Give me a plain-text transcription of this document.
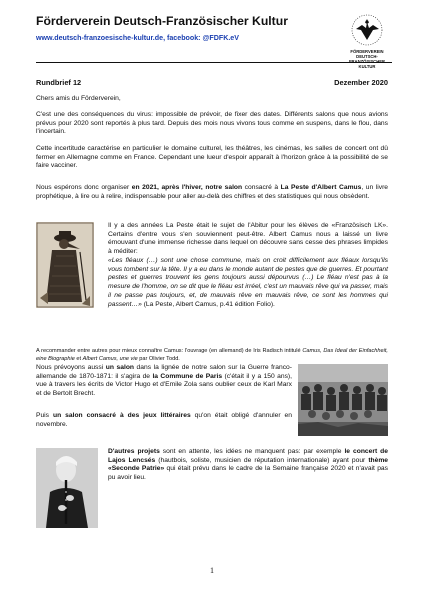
Förderverein Deutsch-Französischer Kultur
www.deutsch-franzoesische-kultur.de, facebook: @FDFK.eV
FÖRDERVEREIN DEUTSCH-FRANZÖSISCHER KULTUR
Rundbrief 12	Dezember 2020

Chers amis du Förderverein,

C'est une des conséquences du virus: impossible de prévoir, de fixer des dates. Différents salons que nous avions prévus pour 2020 sont reportés à plus tard. Depuis des mois nous vivons tous comme en suspens, dans le flou, dans l'incertain.

Cette incertitude caractérise en particulier le domaine culturel, les théâtres, les cinémas, les salles de concert ont dû fermer en Allemagne comme en France. Cependant une lueur d'espoir apparaît à l'horizon grâce à la possibilité de se faire vacciner.

Nous espérons donc organiser en 2021, après l'hiver, notre salon consacré à La Peste d'Albert Camus, un livre prophétique, à lire ou à relire, indispensable pour aller au-delà des chiffres et des statistiques qui nous obsèdent.

Il y a des années La Peste était le sujet de l'Abitur pour les élèves de «Französisch LK». Certains d'entre vous s'en souviennent peut-être. Albert Camus nous a laissé un livre émouvant d'une immense richesse dans lequel on découvre sans cesse des phrases limpides à méditer:

«Les fléaux (…) sont une chose commune, mais on croit difficilement aux fléaux lorsqu'ils vous tombent sur la tête. Il y a eu dans le monde autant de pestes que de guerres. Et pourtant pestes et guerres trouvent les gens toujours aussi dépourvus (…) Le fléau n'est pas à la mesure de l'homme, on se dit que le fléau est irréel, c'est un mauvais rêve qui va passer, mais il ne passe pas toujours, et, de mauvais rêve en mauvais rêve, ce sont les hommes qui passent…» (La Peste, Albert Camus, p.41 édition Folio).

A recommander entre autres pour mieux connaître Camus: l'ouvrage (en allemand) de Iris Radisch intitulé Camus, Das Ideal der Einfachheit, eine Biographie et Albert Camus, une vie par Olivier Todd.

Nous prévoyons aussi un salon dans la lignée de notre salon sur la Guerre franco-allemande de 1870-1871: il s'agira de la Commune de Paris (c'était il y a 150 ans), vue à travers les écrits de Victor Hugo et d'Emile Zola sans oublier ceux de Karl Marx et de Bertolt Brecht.

Puis un salon consacré à des jeux littéraires qu'on était obligé d'annuler en novembre.

D'autres projets sont en attente, les idées ne manquent pas: par exemple le concert de Lajos Lencsés (hautbois, soliste, musicien de réputation internationale) ayant pour thème «Seconde Patrie» qui était prévu dans le cadre de la Semaine française 2020 et n'avait pas pu avoir lieu.

1
